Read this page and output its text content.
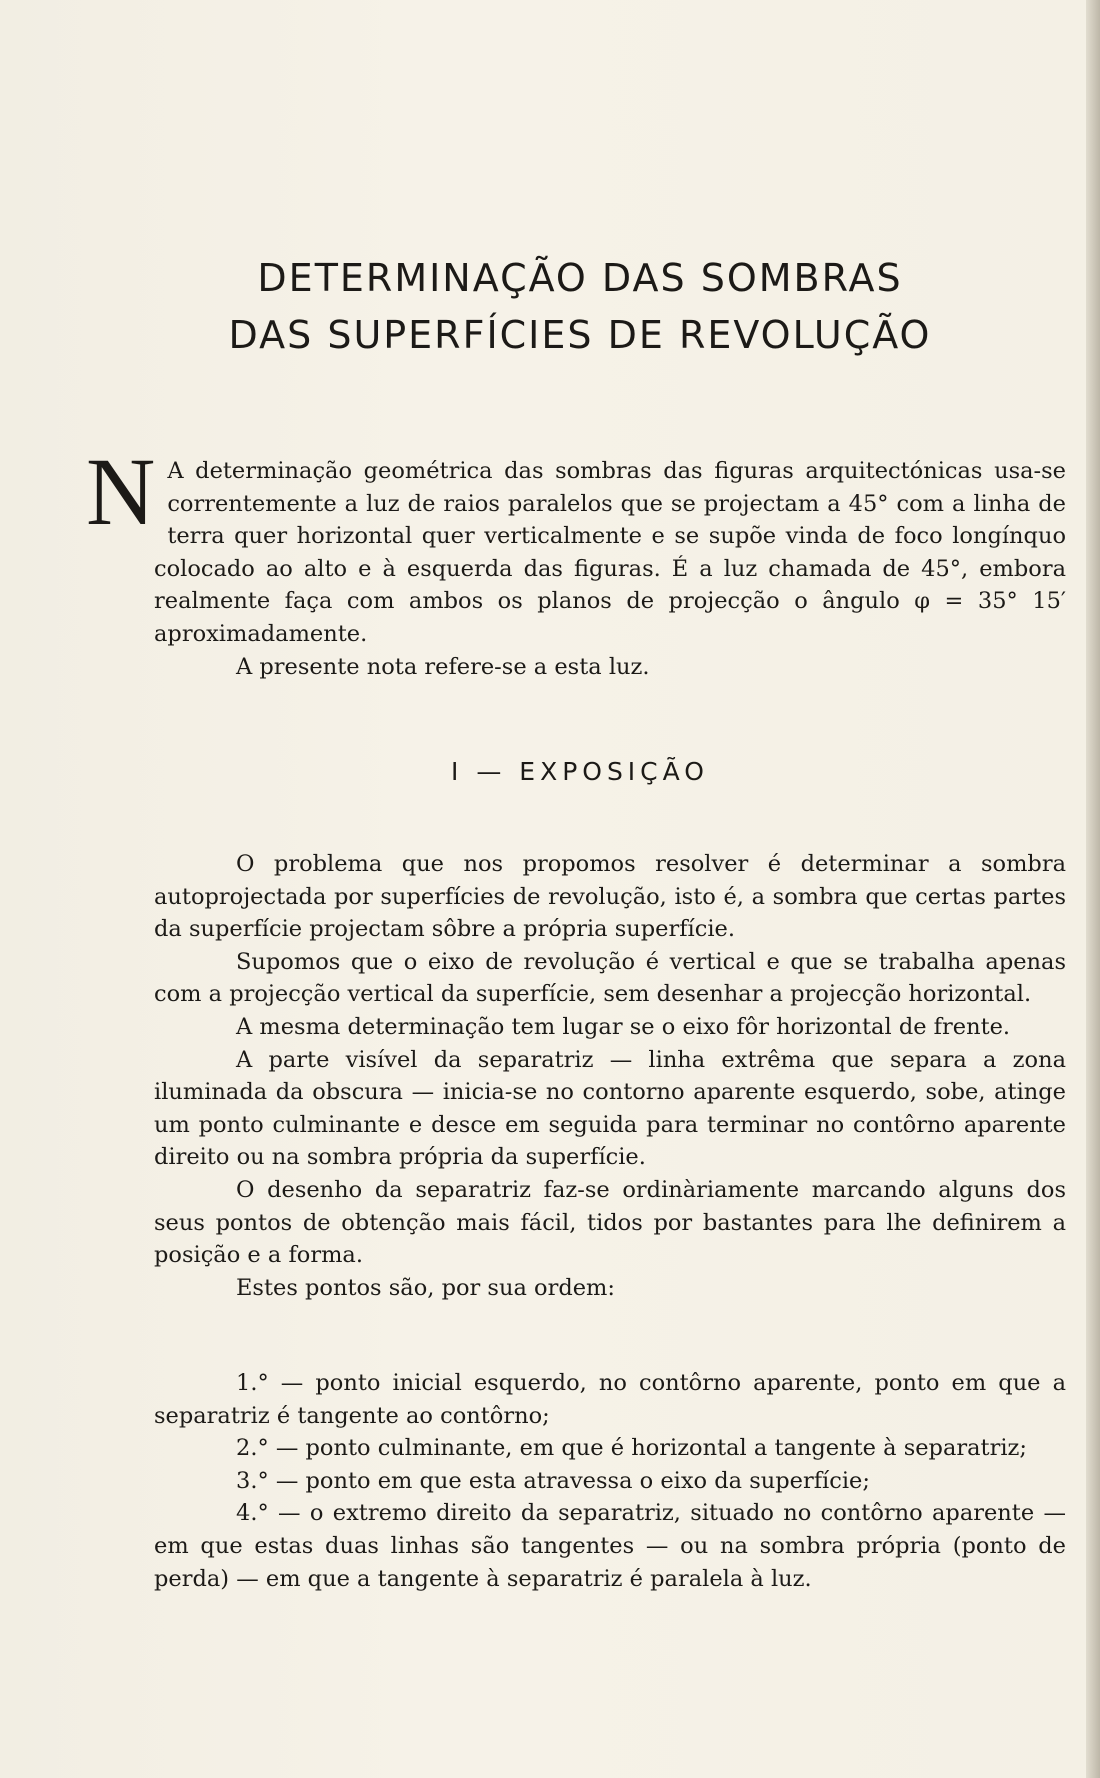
DETERMINAÇÃO DAS SOMBRAS
DAS SUPERFÍCIES DE REVOLUÇÃO

N A determinação geométrica das sombras das figuras arquitectónicas usa-se correntemente a luz de raios paralelos que se projectam a 45° com a linha de terra quer horizontal quer verticalmente e se supõe vinda de foco longínquo colocado ao alto e à esquerda das figuras. É a luz chamada de 45°, embora realmente faça com ambos os planos de projecção o ângulo φ = 35° 15′ aproximadamente.

A presente nota refere-se a esta luz.

I — EXPOSIÇÃO

O problema que nos propomos resolver é determinar a sombra autoprojectada por superfícies de revolução, isto é, a sombra que certas partes da superfície projectam sôbre a própria superfície.

Supomos que o eixo de revolução é vertical e que se trabalha apenas com a projecção vertical da superfície, sem desenhar a projecção horizontal.

A mesma determinação tem lugar se o eixo fôr horizontal de frente.

A parte visível da separatriz — linha extrêma que separa a zona iluminada da obscura — inicia-se no contorno aparente esquerdo, sobe, atinge um ponto culminante e desce em seguida para terminar no contôrno aparente direito ou na sombra própria da superfície.

O desenho da separatriz faz-se ordinàriamente marcando alguns dos seus pontos de obtenção mais fácil, tidos por bastantes para lhe definirem a posição e a forma.

Estes pontos são, por sua ordem:

1.° — ponto inicial esquerdo, no contôrno aparente, ponto em que a separatriz é tangente ao contôrno;

2.° — ponto culminante, em que é horizontal a tangente à separatriz;

3.° — ponto em que esta atravessa o eixo da superfície;

4.° — o extremo direito da separatriz, situado no contôrno aparente — em que estas duas linhas são tangentes — ou na sombra própria (ponto de perda) — em que a tangente à separatriz é paralela à luz.
